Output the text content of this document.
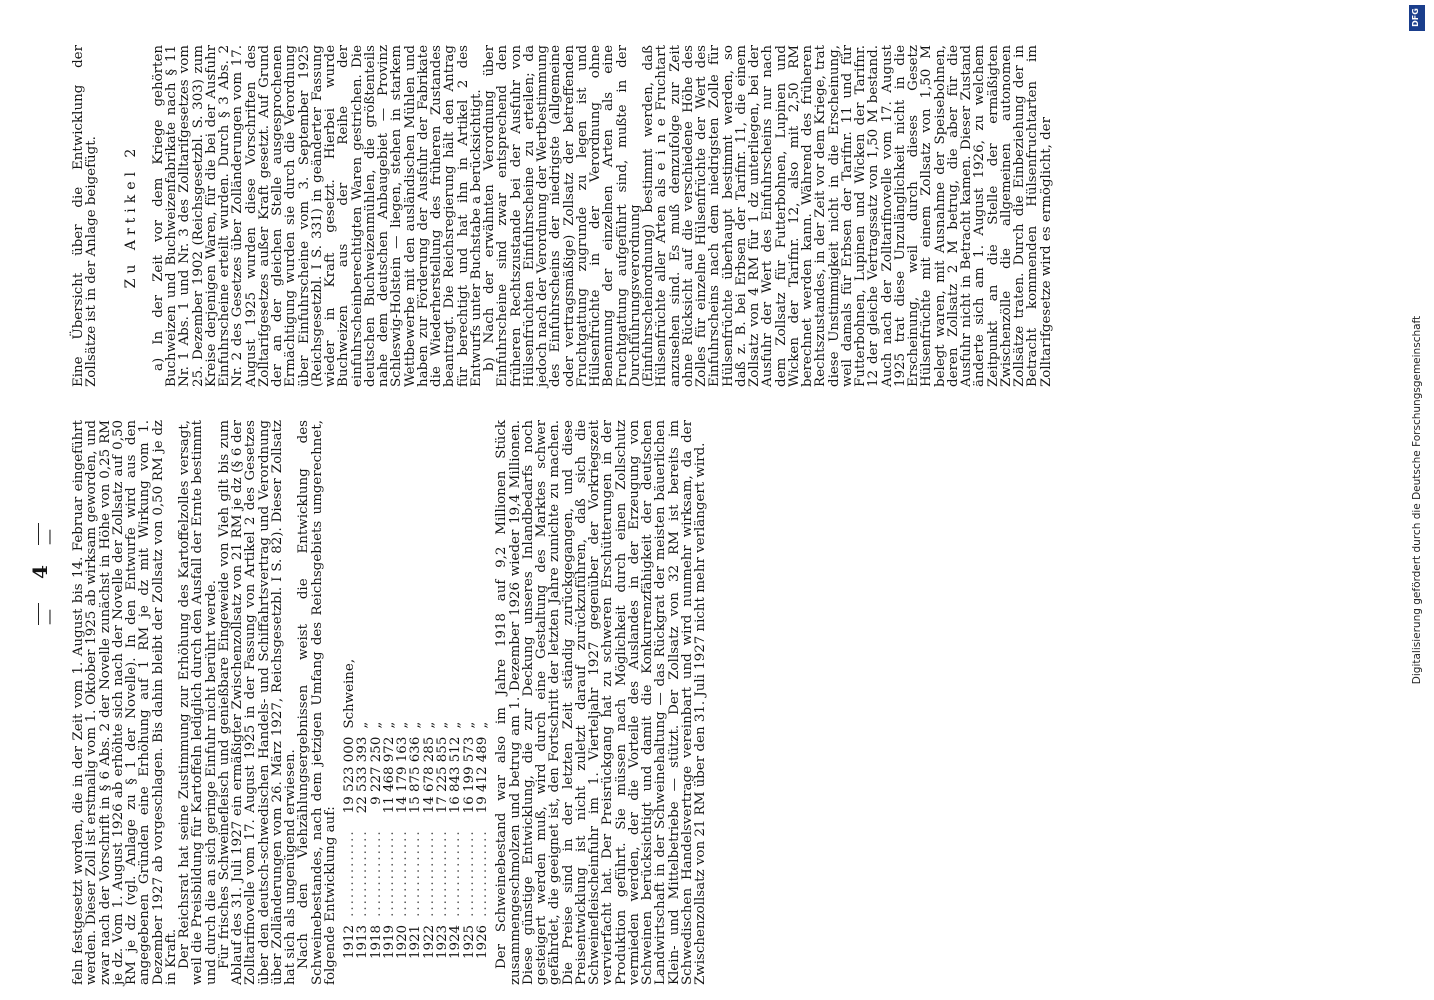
—
4
— feln festgesetzt worden, die in der Zeit vom 1. August bis 14. Februar eingeführt werden. Dieser Zoll ist erstmalig vom 1. Oktober 1925 ab wirksam geworden, und zwar nach der Vorschrift in § 6 Abs. 2 der Novelle zunächst in Höhe von 0,25 RM je dz. Vom 1. August 1926 ab erhöhte sich nach der Novelle der Zollsatz auf 0,50 RM je dz (vgl. Anlage zu § 1 der Novelle). In den Entwurfe wird aus den angegebenen Gründen eine Erhöhung auf 1 RM je dz mit Wirkung vom 1. Dezember 1927 ab vorgeschlagen. Bis dahin bleibt der Zollsatz von 0,50 RM je dz in Kraft.

Der Reichsrat hat seine Zustimmung zur Erhöhung des Kartoffelzolles versagt, weil die Preisbildung für Kartoffeln lediglich durch den Ausfall der Ernte bestimmt und durch die an sich geringe Einfuhr nicht berührt werde.

Für frisches Schweinefleisch und genießbare Eingeweide von Vieh gilt bis zum Ablauf des 31. Juli 1927 ein ermäßigter Zwischenzollsatz von 21 RM je dz (§ 6 der Zolltarifnovelle vom 17. August 1925 in der Fassung von Artikel 2 des Gesetzes über den deutsch-schwedischen Handels- und Schiffahrtsvertrag und Verordnung über Zolländerungen vom 26. März 1927, Reichsgesetzbl. I S. 82). Dieser Zollsatz hat sich als ungenügend erwiesen.

Nach den Viehzählungsergebnissen weist die Entwicklung des Schweinebestandes, nach dem jetzigen Umfang des Reichsgebiets umgerechnet, folgende Entwicklung auf: 1912	..............	19 523 000	Schweine,
1913	..............	22 533 393	„
1918	..............	9 227 250	„
1919	..............	11 468 972	„
1920	..............	14 179 163	„
1921	..............	15 875 636	„
1922	..............	14 678 285	„
1923	..............	17 225 855	„
1924	..............	16 843 512	„
1925	..............	16 199 573	„
1926	..............	19 412 489	„ Der Schweinebestand war also im Jahre 1918 auf 9,2 Millionen Stück zusammengeschmolzen und betrug am 1. Dezember 1926 wieder 19,4 Millionen. Diese günstige Entwicklung, die zur Deckung unseres Inlandbedarfs noch gesteigert werden muß, wird durch eine Gestaltung des Marktes schwer gefährdet, die geeignet ist, den Fortschritt der letzten Jahre zunichte zu machen. Die Preise sind in der letzten Zeit ständig zurückgegangen, und diese Preisentwicklung ist nicht zuletzt darauf zurückzuführen, daß sich die Schweinefleischeinfuhr im 1. Vierteljahr 1927 gegenüber der Vorkriegszeit vervierfacht hat. Der Preisrückgang hat zu schweren Erschütterungen in der Produktion geführt. Sie müssen nach Möglichkeit durch einen Zollschutz vermieden werden, der die Vorteile des Auslandes in der Erzeugung von Schweinen berücksichtigt und damit die Konkurrenzfähigkeit der deutschen Landwirtschaft in der Schweinehaltung — das Rückgrat der meisten bäuerlichen Klein- und Mittelbetriebe — stützt. Der Zollsatz von 32 RM ist bereits im Schwedischen Handelsvertrage vereinbart und wird nunmehr wirksam, da der Zwischenzollsatz von 21 RM über den 31. Juli 1927 nicht mehr verlängert wird.

Eine Übersicht über die Entwicklung der Zollsätze ist in der Anlage beigefügt. Zu Artikel 2 a) In der Zeit vor dem Kriege gehörten Buchweizen und Buchweizenfabrikate nach § 11 Nr. 1 Abs. 1 und Nr. 3 des Zolltarifgesetzes vom 25. Dezember 1902 (Reichsgesetzbl. S. 303) zum Kreise derjenigen Waren, für die bei der Ausfuhr Einfuhrscheine erteilt wurden. Durch § 3 Abs. 2 Nr. 2 des Gesetzes über Zolländerungen vom 17. August 1925 wurden diese Vorschriften des Zolltarifgesetzes außer Kraft gesetzt. Auf Grund der an der gleichen Stelle ausgesprochenen Ermächtigung wurden sie durch die Verordnung über Einfuhrscheine vom 3. September 1925 (Reichsgesetzbl. I S. 331) in geänderter Fassung wieder in Kraft gesetzt. Hierbei wurde Buchweizen aus der Reihe der einfuhrscheinberechtigten Waren gestrichen. Die deutschen Buchweizenmühlen, die größtenteils nahe dem deutschen Anbaugebiet — Provinz Schleswig-Holstein — liegen, stehen in starkem Wettbewerbe mit den ausländischen Mühlen und haben zur Förderung der Ausfuhr der Fabrikate die Wiederherstellung des früheren Zustandes beantragt. Die Reichsregierung hält den Antrag für berechtigt und hat ihn in Artikel 2 des Entwurfs unter Buchstabe a berücksichtigt.

b) Nach der erwähnten Verordnung über Einfuhrscheine sind zwar entsprechend den früheren Rechtszustande bei der Ausfuhr von Hülsenfrüchten Einfuhrscheine zu erteilen; da jedoch nach der Verordnung der Wertbestimmung des Einfuhrscheins der niedrigste (allgemeine oder vertragsmäßige) Zollsatz der betreffenden Fruchtgattung zugrunde zu legen ist und Hülsenfrüchte in der Verordnung ohne Benennung der einzelnen Arten als eine Fruchtgattung aufgeführt sind, mußte in der Durchführungsverordnung (Einfuhrscheinordnung) bestimmt werden, daß Hülsenfrüchte aller Arten als e i n e Fruchtart anzusehen sind. Es muß demzufolge zur Zeit ohne Rücksicht auf die verschiedene Höhe des Zolles für einzelne Hülsenfrüchte der Wert des Einfuhrscheins nach dem niedrigsten Zolle für Hülsenfrüchte überhaupt bestimmt werden, so daß z. B. bei Erbsen der Tarifnr. 11, die einem Zollsatz von 4 RM für 1 dz unterliegen, bei der Ausfuhr der Wert des Einfuhrscheins nur nach dem Zollsatz für Futterbohnen, Lupinen und Wicken der Tarifnr. 12, also mit 2,50 RM berechnet werden kann. Während des früheren Rechtszustandes, in der Zeit vor dem Kriege, trat diese Unstimmigkeit nicht in die Erscheinung, weil damals für Erbsen der Tarifnr. 11 und für Futterbohnen, Lupinen und Wicken der Tarifnr. 12 der gleiche Vertragssatz von 1,50 M bestand. Auch nach der Zolltarifnovelle vom 17. August 1925 trat diese Unzulänglichkeit nicht in die Erscheinung, weil durch dieses Gesetz Hülsenfrüchte mit einem Zollsatz von 1,50 M belegt waren, mit Ausnahme der Speisebohnen, deren Zollsatz 2 M betrug, die aber für die Ausfuhr nicht in Betracht kamen. Dieser Zustand änderte sich am 1. August 1926, zu welchem Zeitpunkt an die Stelle der ermäßigten Zwischenzölle die allgemeinen autonomen Zollsätze traten. Durch die Einbeziehung der in Betracht kommenden Hülsenfruchtarten im Zolltarifgesetze wird es ermöglicht, der

Digitalisierung gefördert durch die Deutsche Forschungsgemeinschaft
DFG
